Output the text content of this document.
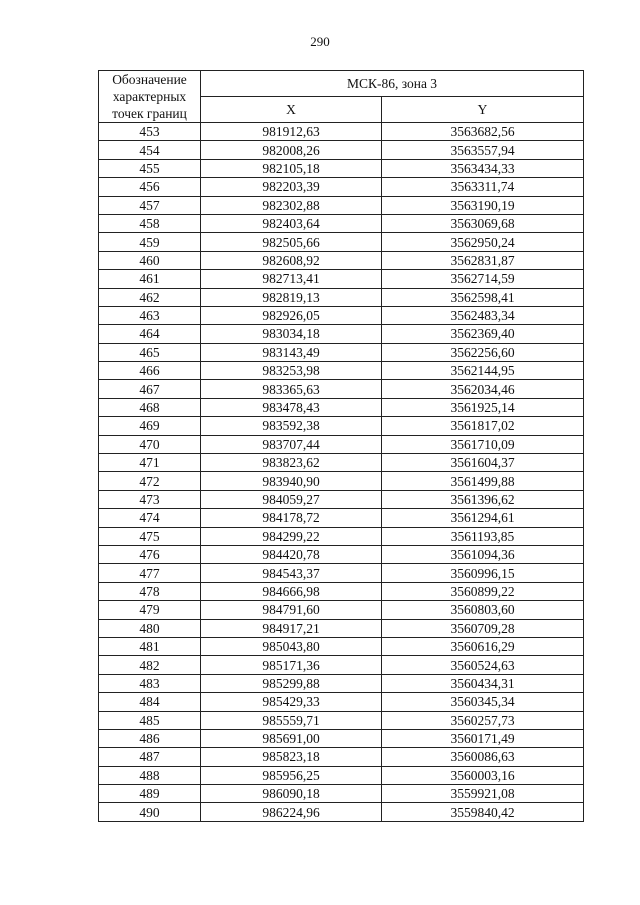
290
Обозначение
характерных
точек границ	МСК-86, зона 3	
	X	Y
453	981912,63	3563682,56
454	982008,26	3563557,94
455	982105,18	3563434,33
456	982203,39	3563311,74
457	982302,88	3563190,19
458	982403,64	3563069,68
459	982505,66	3562950,24
460	982608,92	3562831,87
461	982713,41	3562714,59
462	982819,13	3562598,41
463	982926,05	3562483,34
464	983034,18	3562369,40
465	983143,49	3562256,60
466	983253,98	3562144,95
467	983365,63	3562034,46
468	983478,43	3561925,14
469	983592,38	3561817,02
470	983707,44	3561710,09
471	983823,62	3561604,37
472	983940,90	3561499,88
473	984059,27	3561396,62
474	984178,72	3561294,61
475	984299,22	3561193,85
476	984420,78	3561094,36
477	984543,37	3560996,15
478	984666,98	3560899,22
479	984791,60	3560803,60
480	984917,21	3560709,28
481	985043,80	3560616,29
482	985171,36	3560524,63
483	985299,88	3560434,31
484	985429,33	3560345,34
485	985559,71	3560257,73
486	985691,00	3560171,49
487	985823,18	3560086,63
488	985956,25	3560003,16
489	986090,18	3559921,08
490	986224,96	3559840,42
